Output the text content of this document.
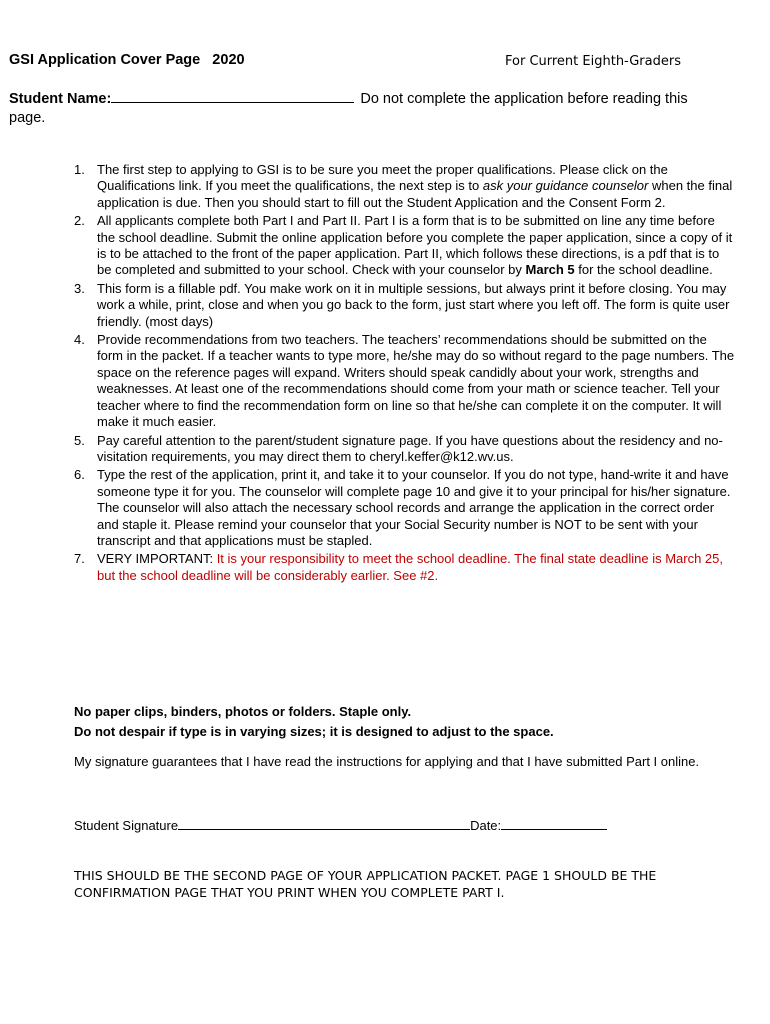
GSI Application Cover Page   2020	For Current Eighth-Graders
Student Name:	Do not complete the application before reading this page.
1. The first step to applying to GSI is to be sure you meet the proper qualifications. Please click on the Qualifications link. If you meet the qualifications, the next step is to ask your guidance counselor when the final application is due. Then you should start to fill out the Student Application and the Consent Form 2.
2. All applicants complete both Part I and Part II. Part I is a form that is to be submitted on line any time before the school deadline. Submit the online application before you complete the paper application, since a copy of it is to be attached to the front of the paper application. Part II, which follows these directions, is a pdf that is to be completed and submitted to your school. Check with your counselor by March 5 for the school deadline.
3. This form is a fillable pdf. You make work on it in multiple sessions, but always print it before closing. You may work a while, print, close and when you go back to the form, just start where you left off. The form is quite user friendly. (most days)
4. Provide recommendations from two teachers. The teachers’ recommendations should be submitted on the form in the packet. If a teacher wants to type more, he/she may do so without regard to the page numbers. The space on the reference pages will expand. Writers should speak candidly about your work, strengths and weaknesses. At least one of the recommendations should come from your math or science teacher. Tell your teacher where to find the recommendation form on line so that he/she can complete it on the computer. It will make it much easier.
5. Pay careful attention to the parent/student signature page. If you have questions about the residency and no-visitation requirements, you may direct them to cheryl.keffer@k12.wv.us.
6. Type the rest of the application, print it, and take it to your counselor. If you do not type, hand-write it and have someone type it for you. The counselor will complete page 10 and give it to your principal for his/her signature. The counselor will also attach the necessary school records and arrange the application in the correct order and staple it. Please remind your counselor that your Social Security number is NOT to be sent with your transcript and that applications must be stapled.
7. VERY IMPORTANT: It is your responsibility to meet the school deadline. The final state deadline is March 25, but the school deadline will be considerably earlier. See #2.
No paper clips, binders, photos or folders. Staple only.
Do not despair if type is in varying sizes; it is designed to adjust to the space.
My signature guarantees that I have read the instructions for applying and that I have submitted Part I online.
Student Signature	Date:
THIS SHOULD BE THE SECOND PAGE OF YOUR APPLICATION PACKET. PAGE 1 SHOULD BE THE CONFIRMATION PAGE THAT YOU PRINT WHEN YOU COMPLETE PART I.
